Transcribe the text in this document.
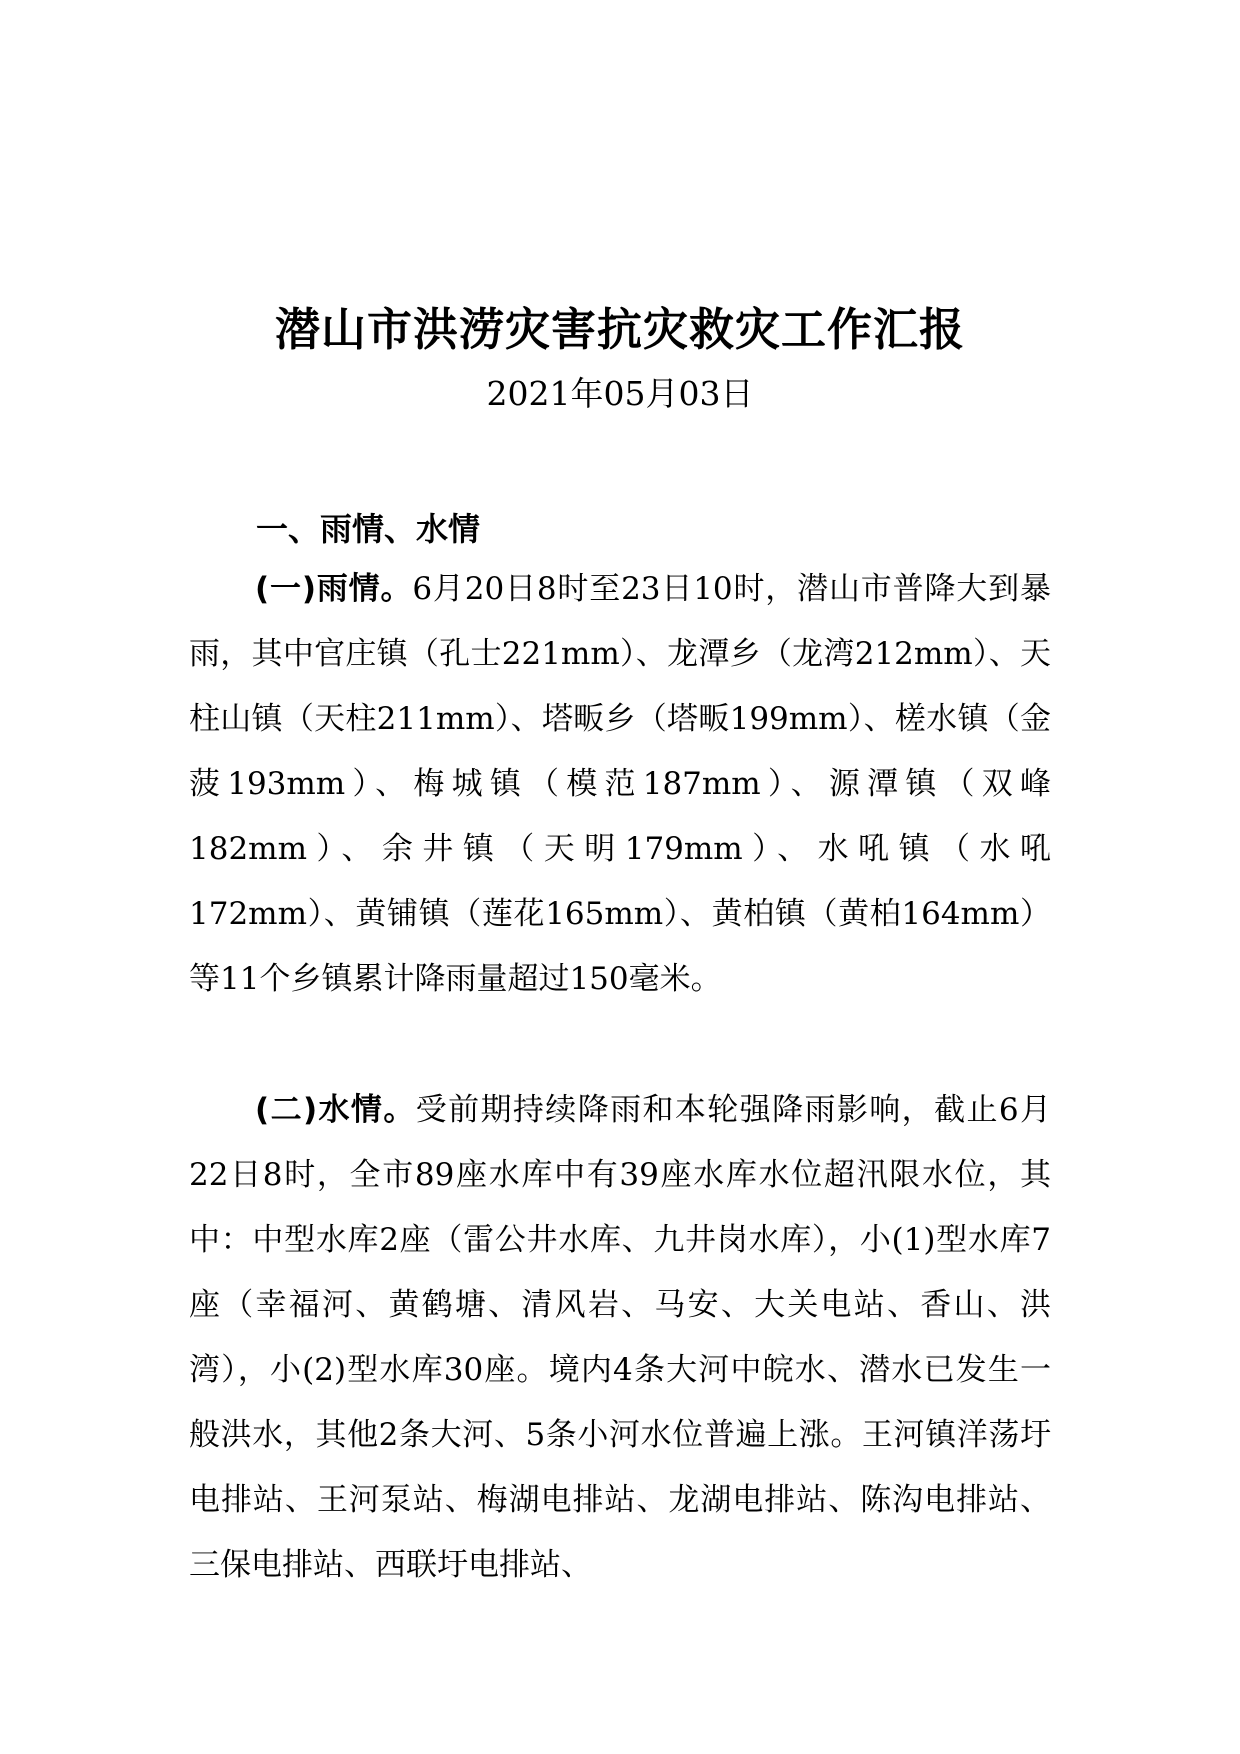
潜山市洪涝灾害抗灾救灾工作汇报
2021年05月03日
一、雨情、水情

(一)雨情。6月20日8时至23日10时，潜山市普降大到暴雨，其中官庄镇（孔士221mm）、龙潭乡（龙湾212mm）、天柱山镇（天柱211mm）、塔畈乡（塔畈199mm）、槎水镇（金菠193mm）、梅城镇（模范187mm）、源潭镇（双峰182mm）、余井镇（天明179mm）、水吼镇（水吼172mm）、黄铺镇（莲花165mm）、黄柏镇（黄柏164mm）等11个乡镇累计降雨量超过150毫米。

(二)水情。受前期持续降雨和本轮强降雨影响，截止6月22日8时，全市89座水库中有39座水库水位超汛限水位，其中：中型水库2座（雷公井水库、九井岗水库），小(1)型水库7座（幸福河、黄鹤塘、清风岩、马安、大关电站、香山、洪湾），小(2)型水库30座。境内4条大河中皖水、潜水已发生一般洪水，其他2条大河、5条小河水位普遍上涨。王河镇洋荡圩电排站、王河泵站、梅湖电排站、龙湖电排站、陈沟电排站、三保电排站、西联圩电排站、
